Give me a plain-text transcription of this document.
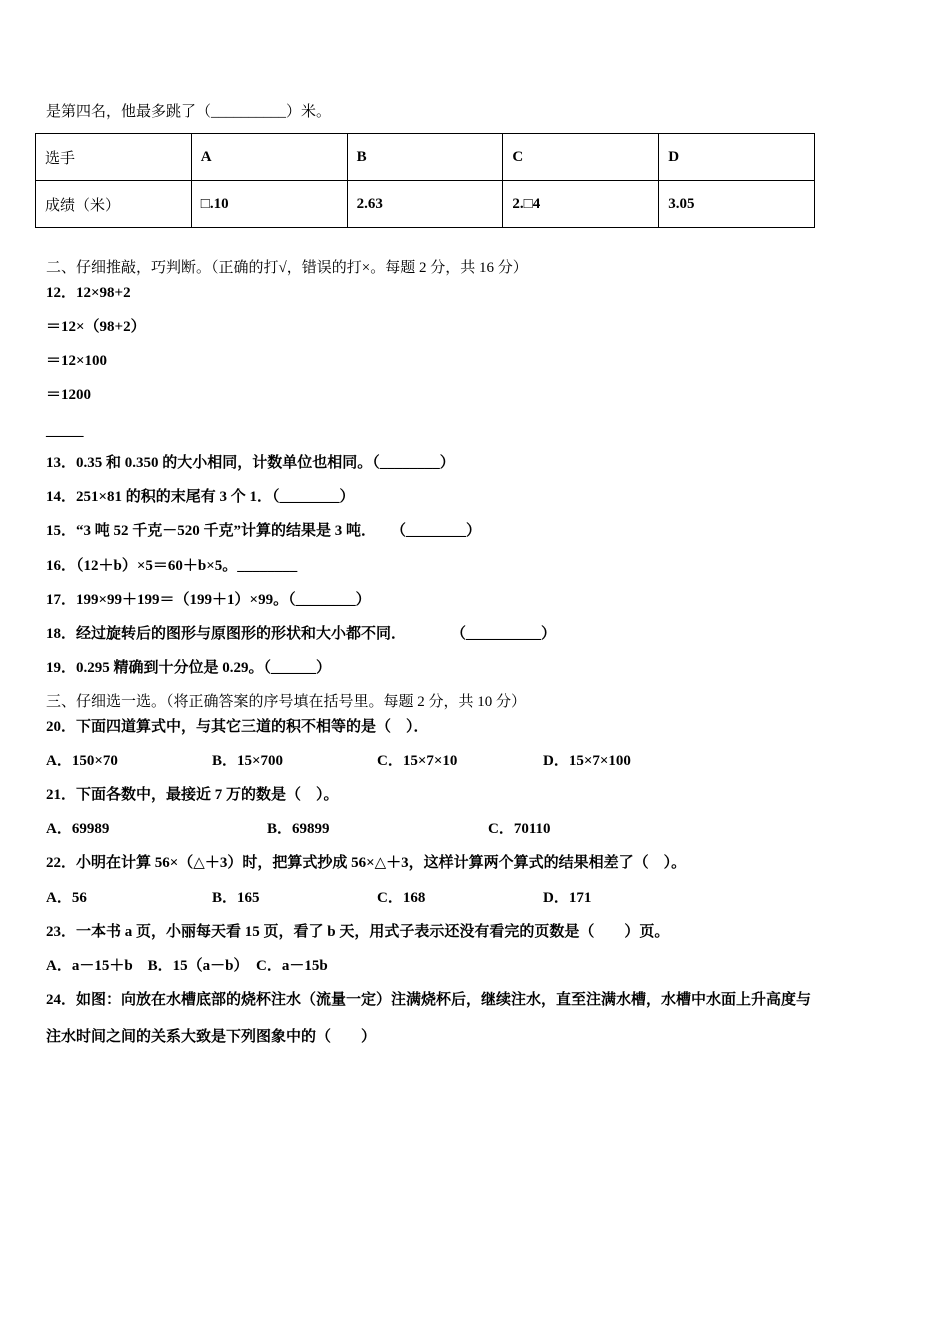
是第四名，他最多跳了（__________）米。
选手	A	B	C	D
成绩（米）	□.10	2.63	2.□4	3.05
二、仔细推敲，巧判断。（正确的打√，错误的打×。每题 2 分，共 16 分）
12．12×98+2
＝12×（98+2）
＝12×100
＝1200
_____
13．0.35 和 0.350 的大小相同，计数单位也相同。（________）
14．251×81 的积的末尾有 3 个 1．（________）
15．“3 吨 52 千克－520 千克”计算的结果是 3 吨．　　（________）
16．（12＋b）×5＝60＋b×5。________
17．199×99＋199＝（199＋1）×99。（________）
18．经过旋转后的图形与原图形的形状和大小都不同．　　　　（__________）
19．0.295 精确到十分位是 0.29。（______）
三、仔细选一选。（将正确答案的序号填在括号里。每题 2 分，共 10 分）
20．下面四道算式中，与其它三道的积不相等的是（　）．
A．150×70	B．15×700	C．15×7×10	D．15×7×100
21．下面各数中，最接近 7 万的数是（　）。
A．69989	B．69899	C．70110
22．小明在计算 56×（△＋3）时，把算式抄成 56×△＋3，这样计算两个算式的结果相差了（　）。
A．56	B．165	C．168	D．171
23．一本书 a 页，小丽每天看 15 页，看了 b 天，用式子表示还没有看完的页数是（　　）页。
A．a－15＋b　B．15（a－b）　C．a－15b
24．如图：向放在水槽底部的烧杯注水（流量一定）注满烧杯后，继续注水，直至注满水槽，水槽中水面上升高度与
注水时间之间的关系大致是下列图象中的（　　）
